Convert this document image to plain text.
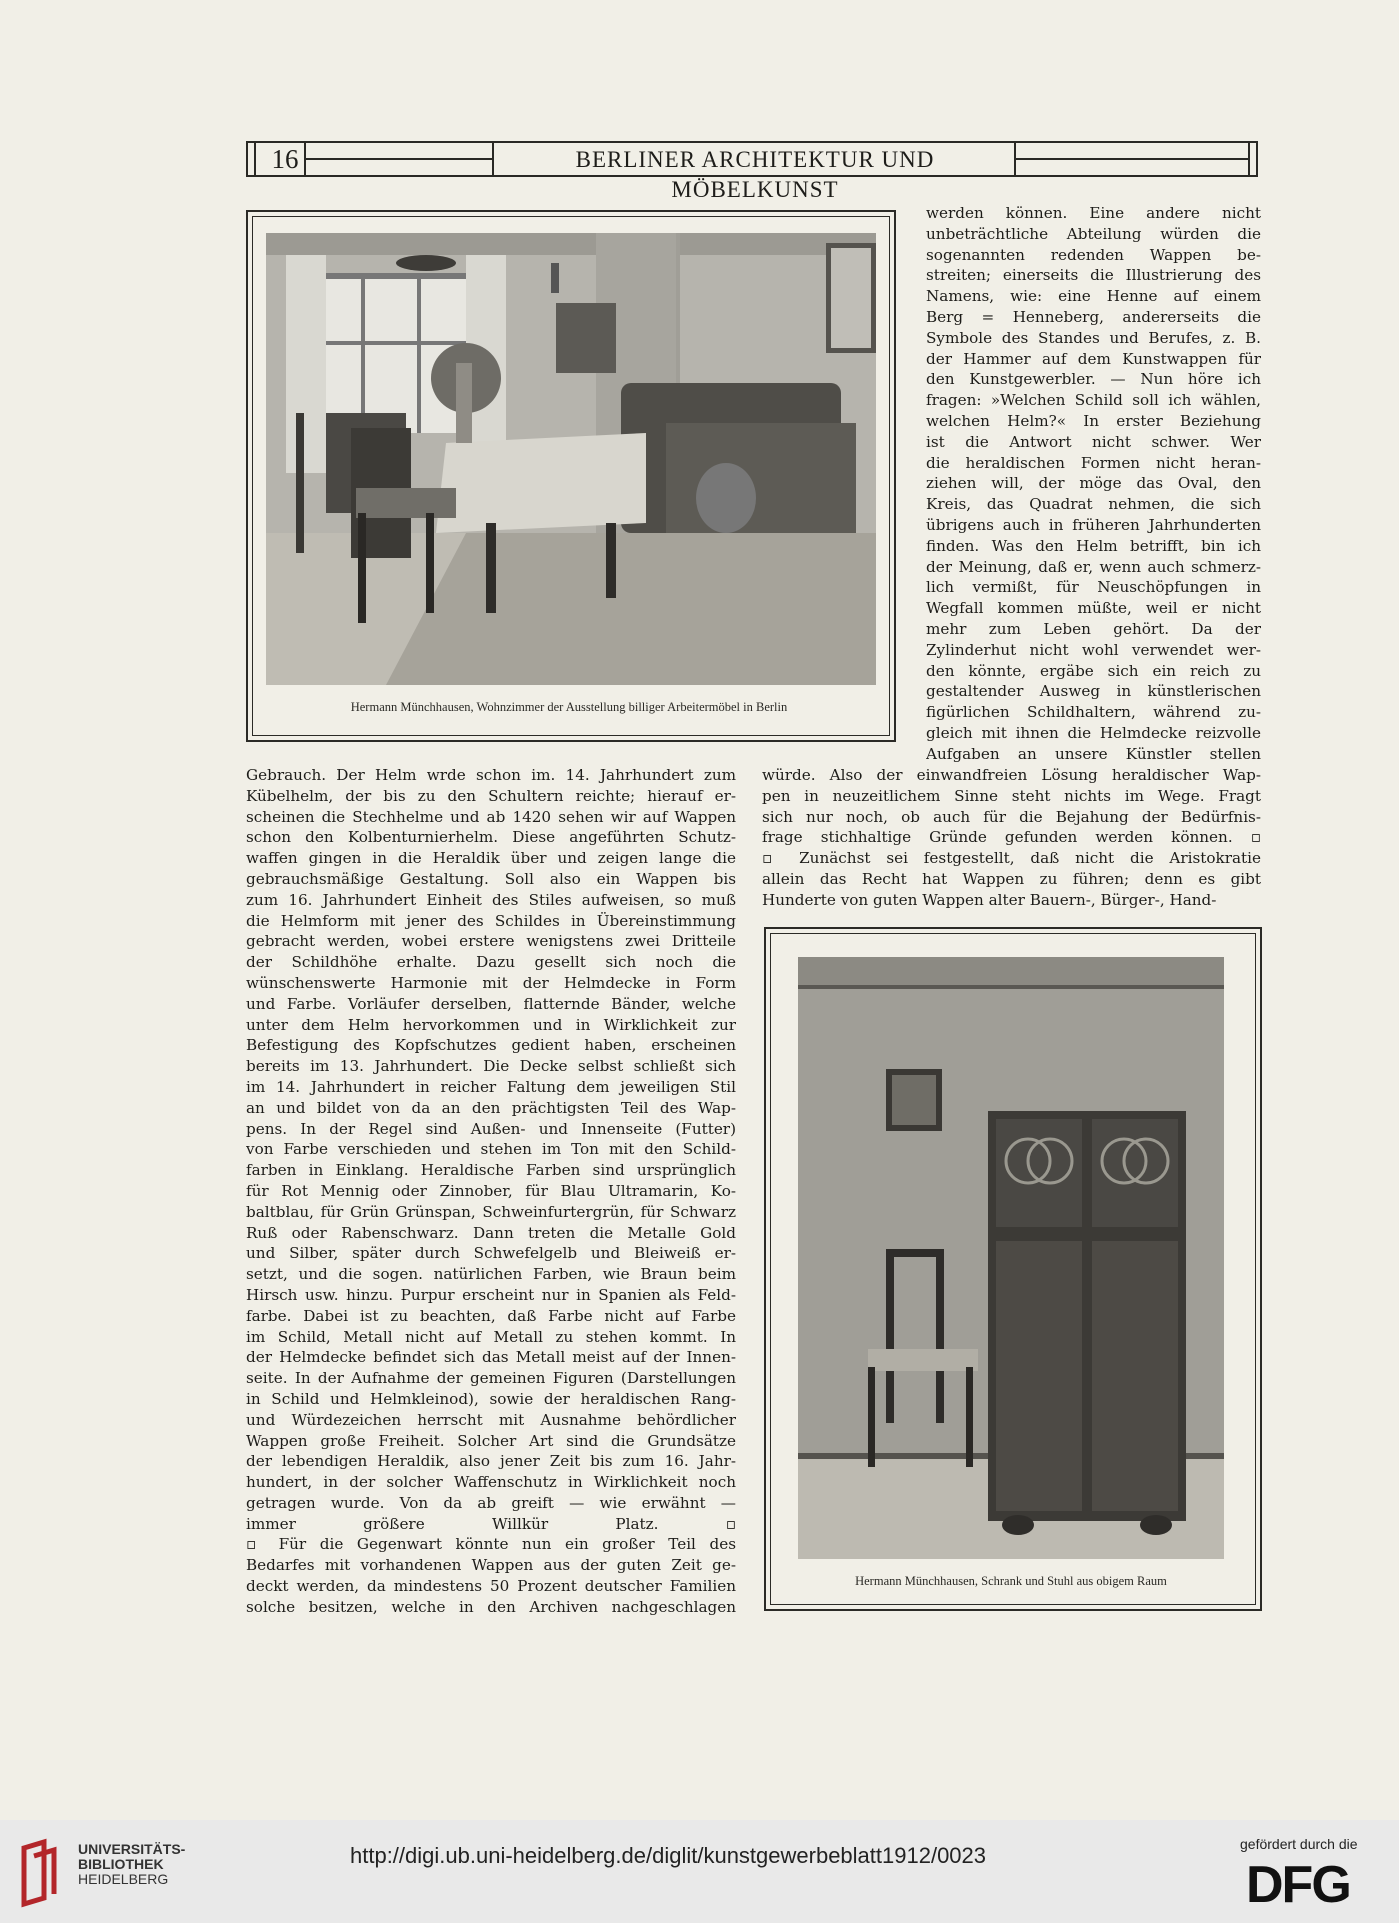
16	BERLINER ARCHITEKTUR UND MÖBELKUNST
Hermann Münchhausen, Wohnzimmer der Ausstellung billiger Arbeitermöbel in Berlin
werden können. Eine andere nicht
unbeträchtliche Abteilung würden die
sogenannten redenden Wappen be-
streiten; einerseits die Illustrierung des
Namens, wie: eine Henne auf einem
Berg = Henneberg, andererseits die
Symbole des Standes und Berufes, z. B.
der Hammer auf dem Kunstwappen für
den Kunstgewerbler. — Nun höre ich
fragen: »Welchen Schild soll ich wählen,
welchen Helm?« In erster Beziehung
ist die Antwort nicht schwer. Wer
die heraldischen Formen nicht heran-
ziehen will, der möge das Oval, den
Kreis, das Quadrat nehmen, die sich
übrigens auch in früheren Jahrhunderten
finden. Was den Helm betrifft, bin ich
der Meinung, daß er, wenn auch schmerz-
lich vermißt, für Neuschöpfungen in
Wegfall kommen müßte, weil er nicht
mehr zum Leben gehört. Da der
Zylinderhut nicht wohl verwendet wer-
den könnte, ergäbe sich ein reich zu
gestaltender Ausweg in künstlerischen
figürlichen Schildhaltern, während zu-
gleich mit ihnen die Helmdecke reizvolle
Aufgaben an unsere Künstler stellen
würde. Also der einwandfreien Lösung heraldischer Wap-
pen in neuzeitlichem Sinne steht nichts im Wege. Fragt
sich nur noch, ob auch für die Bejahung der Bedürfnis-
frage stichhaltige Gründe gefunden werden können. ▫
▫ Zunächst sei festgestellt, daß nicht die Aristokratie
allein das Recht hat Wappen zu führen; denn es gibt
Hunderte von guten Wappen alter Bauern-, Bürger-, Hand-
Gebrauch. Der Helm wrde schon im. 14. Jahrhundert zum
Kübelhelm, der bis zu den Schultern reichte; hierauf er-
scheinen die Stechhelme und ab 1420 sehen wir auf Wappen
schon den Kolbenturnierhelm. Diese angeführten Schutz-
waffen gingen in die Heraldik über und zeigen lange die
gebrauchsmäßige Gestaltung. Soll also ein Wappen bis
zum 16. Jahrhundert Einheit des Stiles aufweisen, so muß
die Helmform mit jener des Schildes in Übereinstimmung
gebracht werden, wobei erstere wenigstens zwei Dritteile
der Schildhöhe erhalte. Dazu gesellt sich noch die
wünschenswerte Harmonie mit der Helmdecke in Form
und Farbe. Vorläufer derselben, flatternde Bänder, welche
unter dem Helm hervorkommen und in Wirklichkeit zur
Befestigung des Kopfschutzes gedient haben, erscheinen
bereits im 13. Jahrhundert. Die Decke selbst schließt sich
im 14. Jahrhundert in reicher Faltung dem jeweiligen Stil
an und bildet von da an den prächtigsten Teil des Wap-
pens. In der Regel sind Außen- und Innenseite (Futter)
von Farbe verschieden und stehen im Ton mit den Schild-
farben in Einklang. Heraldische Farben sind ursprünglich
für Rot Mennig oder Zinnober, für Blau Ultramarin, Ko-
baltblau, für Grün Grünspan, Schweinfurtergrün, für Schwarz
Ruß oder Rabenschwarz. Dann treten die Metalle Gold
und Silber, später durch Schwefelgelb und Bleiweiß er-
setzt, und die sogen. natürlichen Farben, wie Braun beim
Hirsch usw. hinzu. Purpur erscheint nur in Spanien als Feld-
farbe. Dabei ist zu beachten, daß Farbe nicht auf Farbe
im Schild, Metall nicht auf Metall zu stehen kommt. In
der Helmdecke befindet sich das Metall meist auf der Innen-
seite. In der Aufnahme der gemeinen Figuren (Darstellungen
in Schild und Helmkleinod), sowie der heraldischen Rang-
und Würdezeichen herrscht mit Ausnahme behördlicher
Wappen große Freiheit. Solcher Art sind die Grundsätze
der lebendigen Heraldik, also jener Zeit bis zum 16. Jahr-
hundert, in der solcher Waffenschutz in Wirklichkeit noch
getragen wurde. Von da ab greift — wie erwähnt —
immer größere Willkür Platz. ▫
▫ Für die Gegenwart könnte nun ein großer Teil des
Bedarfes mit vorhandenen Wappen aus der guten Zeit ge-
deckt werden, da mindestens 50 Prozent deutscher Familien
solche besitzen, welche in den Archiven nachgeschlagen
Hermann Münchhausen, Schrank und Stuhl aus obigem Raum
UNIVERSITÄTS-
BIBLIOTHEK
HEIDELBERG
http://digi.ub.uni-heidelberg.de/diglit/kunstgewerbeblatt1912/0023	gefördert durch die
DFG
